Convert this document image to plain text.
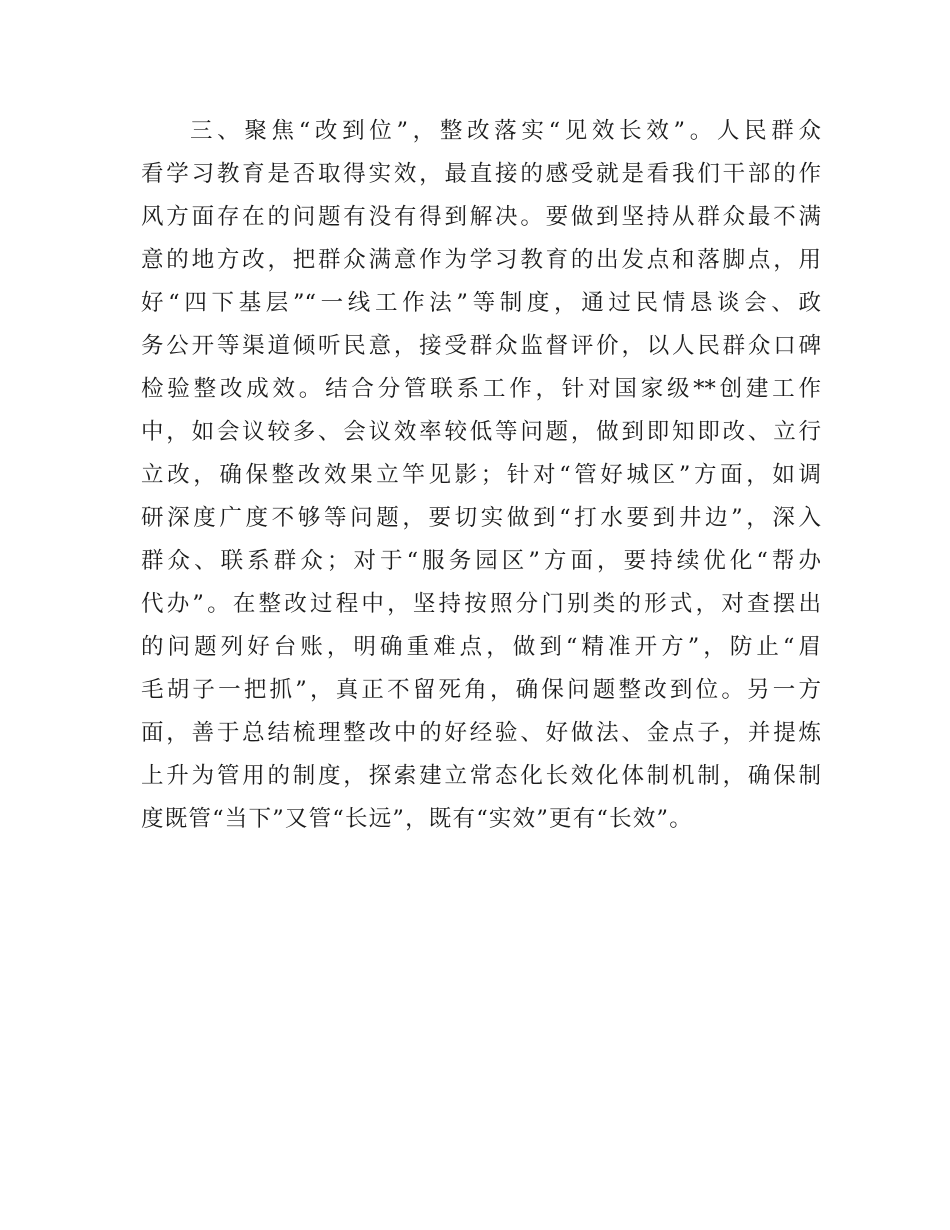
三、聚焦“改到位”，整改落实“见效长效”。人民群众
看学习教育是否取得实效，最直接的感受就是看我们干部的作
风方面存在的问题有没有得到解决。要做到坚持从群众最不满
意的地方改，把群众满意作为学习教育的出发点和落脚点，用
好“四下基层”“一线工作法”等制度，通过民情恳谈会、政
务公开等渠道倾听民意，接受群众监督评价，以人民群众口碑
检验整改成效。结合分管联系工作，针对国家级**创建工作
中，如会议较多、会议效率较低等问题，做到即知即改、立行
立改，确保整改效果立竿见影；针对“管好城区”方面，如调
研深度广度不够等问题，要切实做到“打水要到井边”，深入
群众、联系群众；对于“服务园区”方面，要持续优化“帮办
代办”。在整改过程中，坚持按照分门别类的形式，对查摆出
的问题列好台账，明确重难点，做到“精准开方”，防止“眉
毛胡子一把抓”，真正不留死角，确保问题整改到位。另一方
面，善于总结梳理整改中的好经验、好做法、金点子，并提炼
上升为管用的制度，探索建立常态化长效化体制机制，确保制
度既管“当下”又管“长远”，既有“实效”更有“长效”。
